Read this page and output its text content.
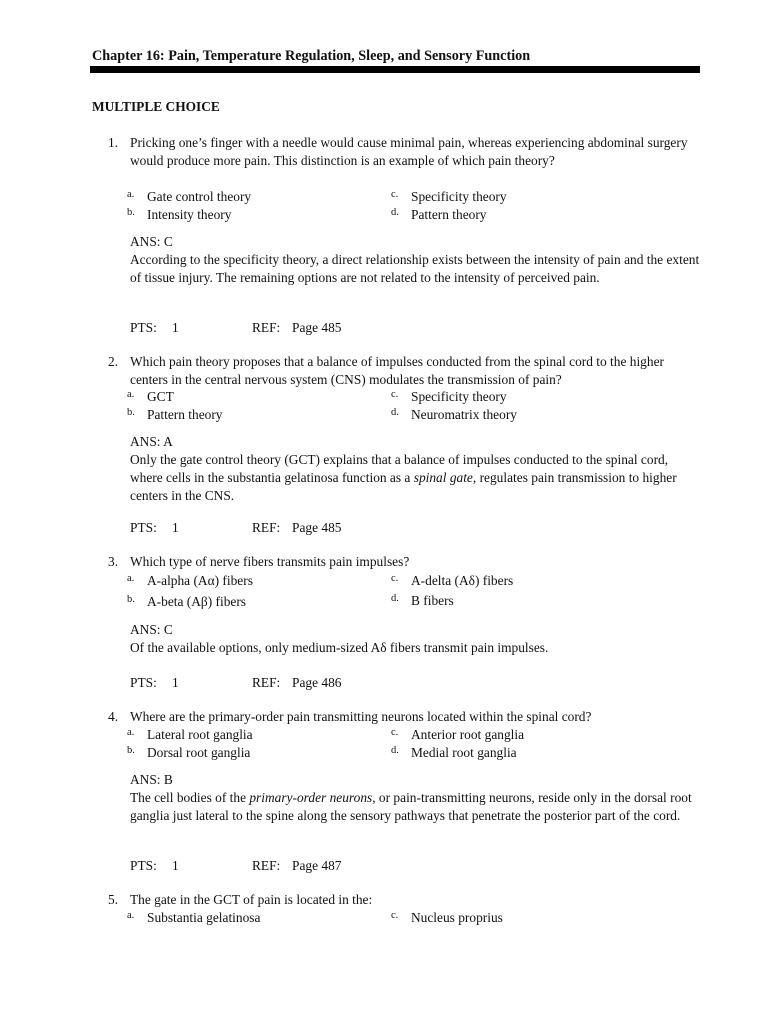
Chapter 16: Pain, Temperature Regulation, Sleep, and Sensory Function
MULTIPLE CHOICE
1. Pricking one’s finger with a needle would cause minimal pain, whereas experiencing abdominal surgery would produce more pain. This distinction is an example of which pain theory?
a. Gate control theory
b. Intensity theory
c. Specificity theory
d. Pattern theory
ANS: C
According to the specificity theory, a direct relationship exists between the intensity of pain and the extent of tissue injury. The remaining options are not related to the intensity of perceived pain.
PTS: 1	REF: Page 485
2. Which pain theory proposes that a balance of impulses conducted from the spinal cord to the higher centers in the central nervous system (CNS) modulates the transmission of pain?
a. GCT
b. Pattern theory
c. Specificity theory
d. Neuromatrix theory
ANS: A
Only the gate control theory (GCT) explains that a balance of impulses conducted to the spinal cord, where cells in the substantia gelatinosa function as a spinal gate, regulates pain transmission to higher centers in the CNS.
PTS: 1	REF: Page 485
3. Which type of nerve fibers transmits pain impulses?
a. A-alpha (Aα) fibers
b. A-beta (Aβ) fibers
c. A-delta (Aδ) fibers
d. B fibers
ANS: C
Of the available options, only medium-sized Aδ fibers transmit pain impulses.
PTS: 1	REF: Page 486
4. Where are the primary-order pain transmitting neurons located within the spinal cord?
a. Lateral root ganglia
b. Dorsal root ganglia
c. Anterior root ganglia
d. Medial root ganglia
ANS: B
The cell bodies of the primary-order neurons, or pain-transmitting neurons, reside only in the dorsal root ganglia just lateral to the spine along the sensory pathways that penetrate the posterior part of the cord.
PTS: 1	REF: Page 487
5. The gate in the GCT of pain is located in the:
a. Substantia gelatinosa	c. Nucleus proprius
